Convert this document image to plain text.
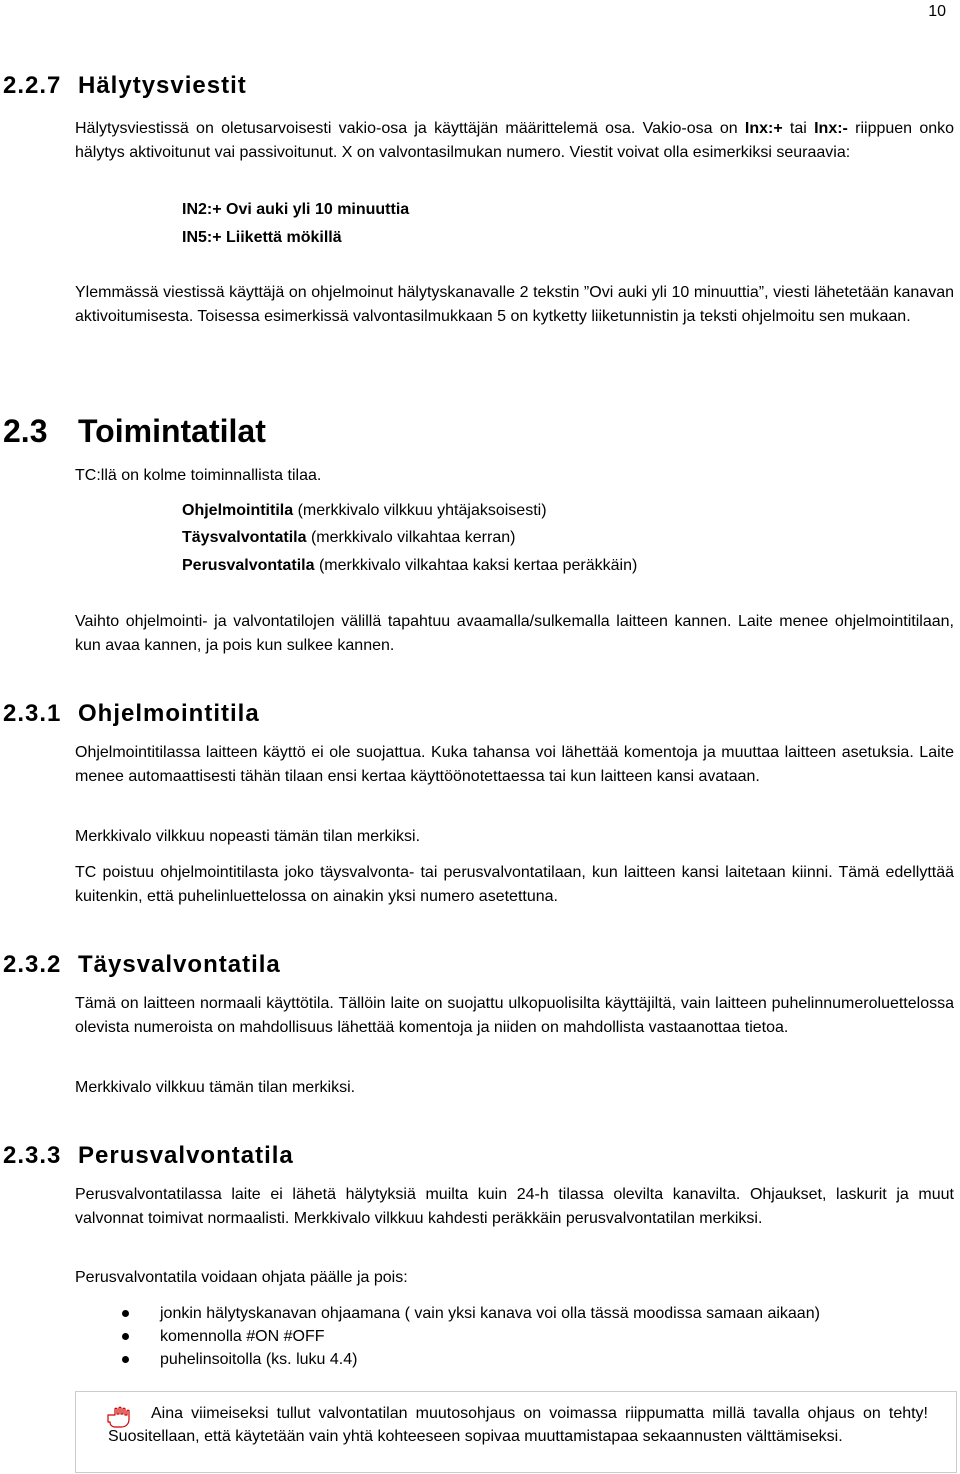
10
2.2.7 Hälytysviestit
Hälytysviestissä on oletusarvoisesti vakio-osa ja käyttäjän määrittelemä osa. Vakio-osa on Inx:+ tai Inx:- riippuen onko hälytys aktivoitunut vai passivoitunut. X on valvontasilmukan numero. Viestit voivat olla esimerkiksi seuraavia:
IN2:+ Ovi auki yli 10 minuuttia
IN5:+ Liikettä mökillä
Ylemmässä viestissä käyttäjä on ohjelmoinut hälytyskanavalle 2 tekstin ”Ovi auki yli 10 minuuttia”, viesti lähetetään kanavan aktivoitumisesta. Toisessa esimerkissä valvontasilmukkaan 5 on kytketty liiketunnistin ja teksti ohjelmoitu sen mukaan.
2.3 Toimintatilat
TC:llä on kolme toiminnallista tilaa.
Ohjelmointitila (merkkivalo vilkkuu yhtäjaksoisesti)
Täysvalvontatila (merkkivalo vilkahtaa kerran)
Perusvalvontatila (merkkivalo vilkahtaa kaksi kertaa peräkkäin)
Vaihto ohjelmointi- ja valvontatilojen välillä tapahtuu avaamalla/sulkemalla laitteen kannen. Laite menee ohjelmointitilaan, kun avaa kannen, ja pois kun sulkee kannen.
2.3.1 Ohjelmointitila
Ohjelmointitilassa laitteen käyttö ei ole suojattua. Kuka tahansa voi lähettää komentoja ja muuttaa laitteen asetuksia. Laite menee automaattisesti tähän tilaan ensi kertaa käyttöönotettaessa tai kun laitteen kansi avataan.
Merkkivalo vilkkuu nopeasti tämän tilan merkiksi.
TC poistuu ohjelmointitilasta joko täysvalvonta- tai perusvalvontatilaan, kun laitteen kansi laitetaan kiinni. Tämä edellyttää kuitenkin, että puhelinluettelossa on ainakin yksi numero asetettuna.
2.3.2 Täysvalvontatila
Tämä on laitteen normaali käyttötila. Tällöin laite on suojattu ulkopuolisilta käyttäjiltä, vain laitteen puhelinnumeroluettelossa olevista numeroista on mahdollisuus lähettää komentoja ja niiden on mahdollista vastaanottaa tietoa.
Merkkivalo vilkkuu tämän tilan merkiksi.
2.3.3 Perusvalvontatila
Perusvalvontatilassa laite ei lähetä hälytyksiä muilta kuin 24-h tilassa olevilta kanavilta. Ohjaukset, laskurit ja muut valvonnat toimivat normaalisti. Merkkivalo vilkkuu kahdesti peräkkäin perusvalvontatilan merkiksi.
Perusvalvontatila voidaan ohjata päälle ja pois:
jonkin hälytyskanavan ohjaamana ( vain yksi kanava voi olla tässä moodissa samaan aikaan)
komennolla #ON #OFF
puhelinsoitolla (ks. luku 4.4)
Aina viimeiseksi tullut valvontatilan muutosohjaus on voimassa riippumatta millä tavalla ohjaus on tehty! Suositellaan, että käytetään vain yhtä kohteeseen sopivaa muuttamistapaa sekaannusten välttämiseksi.
